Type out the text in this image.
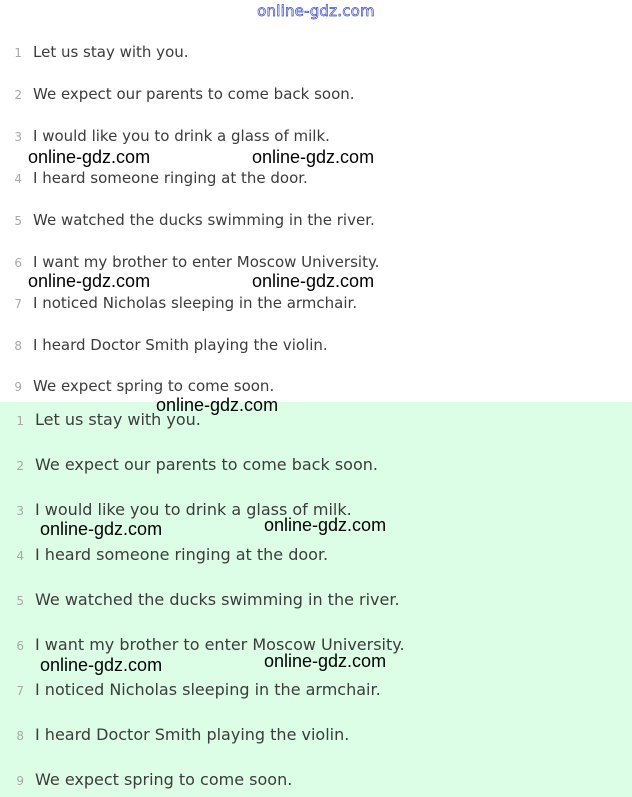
1 Let us stay with you.
2 We expect our parents to come back soon.
3 I would like you to drink a glass of milk.
4 I heard someone ringing at the door.
5 We watched the ducks swimming in the river.
6 I want my brother to enter Moscow University.
7 I noticed Nicholas sleeping in the armchair.
8 I heard Doctor Smith playing the violin.
9 We expect spring to come soon.
1 Let us stay with you.
2 We expect our parents to come back soon.
3 I would like you to drink a glass of milk.
4 I heard someone ringing at the door.
5 We watched the ducks swimming in the river.
6 I want my brother to enter Moscow University.
7 I noticed Nicholas sleeping in the armchair.
8 I heard Doctor Smith playing the violin.
9 We expect spring to come soon.
online-gdz.com
online-gdz.com	online-gdz.com
online-gdz.com	online-gdz.com
online-gdz.com
online-gdz.com	online-gdz.com
online-gdz.com	online-gdz.com
